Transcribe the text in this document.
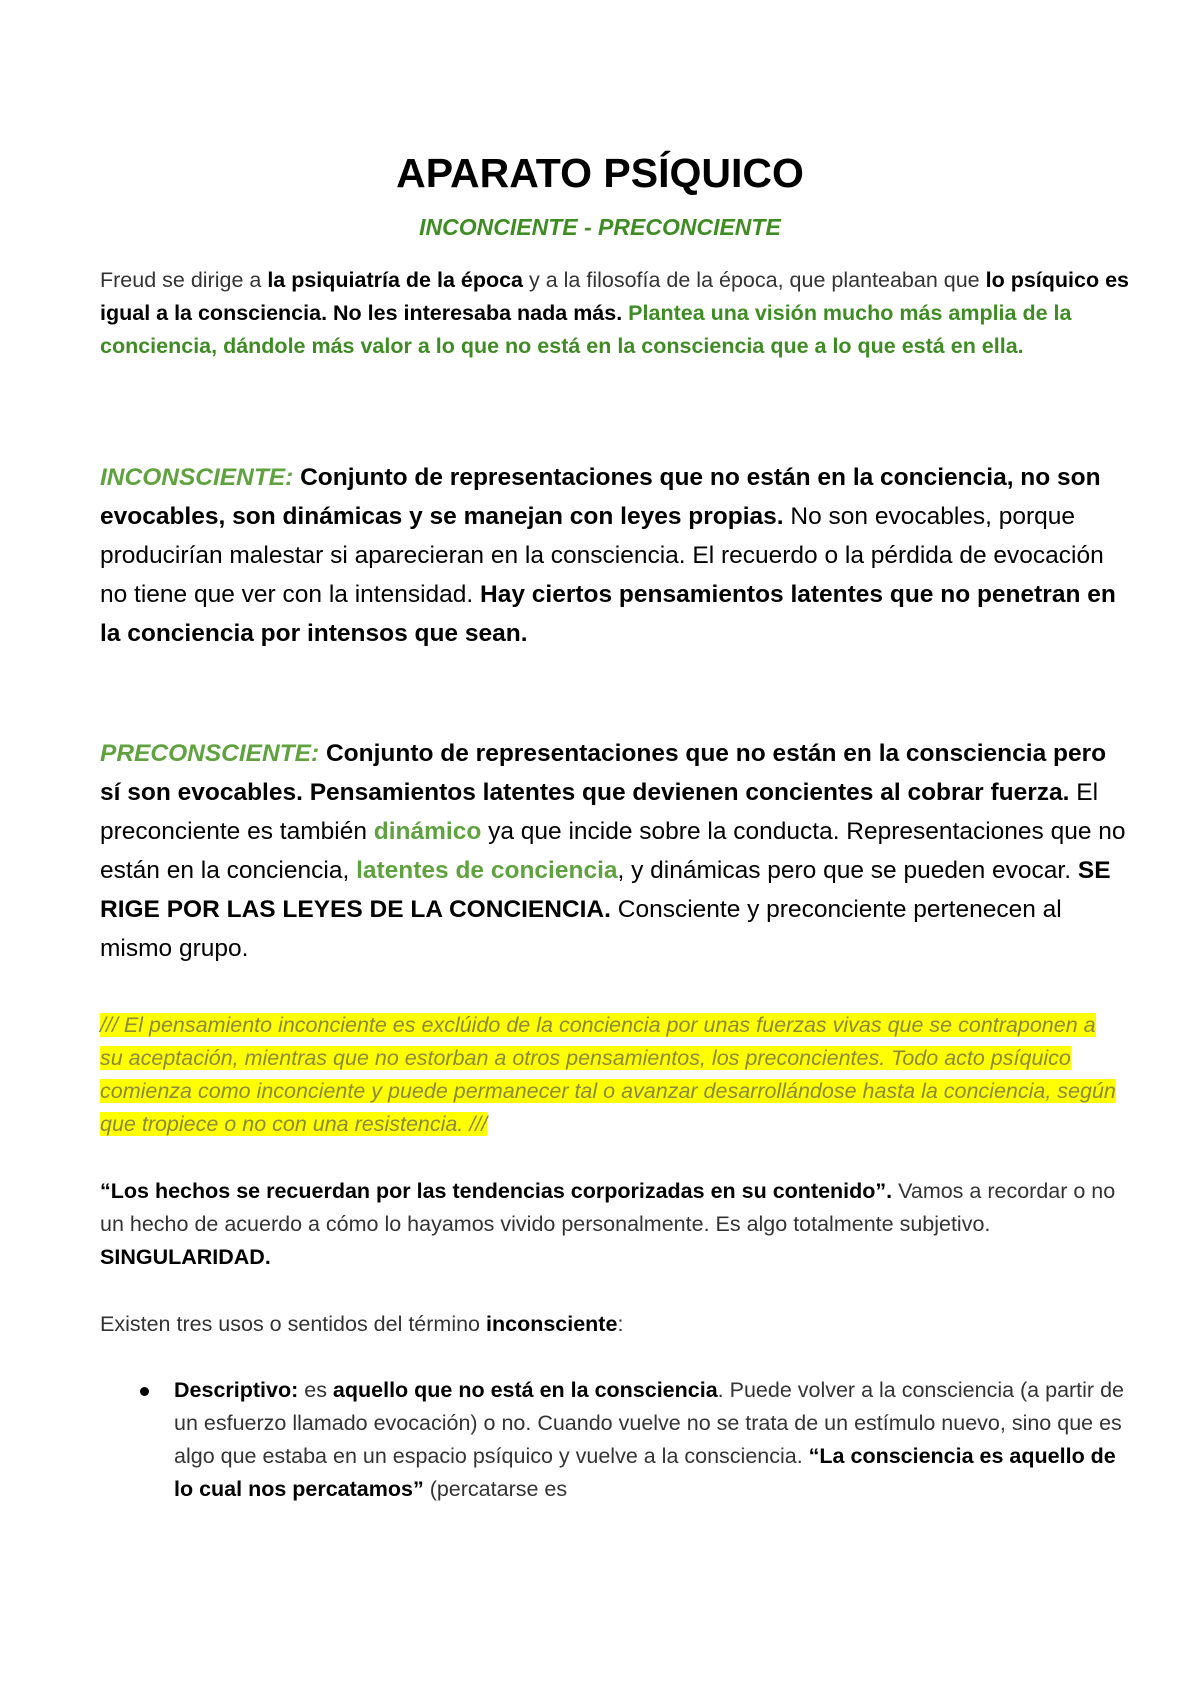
APARATO PSÍQUICO
INCONCIENTE - PRECONCIENTE
Freud se dirige a la psiquiatría de la época y a la filosofía de la época, que planteaban que lo psíquico es igual a la consciencia. No les interesaba nada más. Plantea una visión mucho más amplia de la conciencia, dándole más valor a lo que no está en la consciencia que a lo que está en ella.
INCONSCIENTE: Conjunto de representaciones que no están en la conciencia, no son evocables, son dinámicas y se manejan con leyes propias. No son evocables, porque producirían malestar si aparecieran en la consciencia. El recuerdo o la pérdida de evocación no tiene que ver con la intensidad. Hay ciertos pensamientos latentes que no penetran en la conciencia por intensos que sean.
PRECONSCIENTE: Conjunto de representaciones que no están en la consciencia pero sí son evocables. Pensamientos latentes que devienen concientes al cobrar fuerza. El preconciente es también dinámico ya que incide sobre la conducta. Representaciones que no están en la conciencia, latentes de conciencia, y dinámicas pero que se pueden evocar. SE RIGE POR LAS LEYES DE LA CONCIENCIA. Consciente y preconciente pertenecen al mismo grupo.
/// El pensamiento inconciente es exclúido de la conciencia por unas fuerzas vivas que se contraponen a su aceptación, mientras que no estorban a otros pensamientos, los preconcientes. Todo acto psíquico comienza como inconciente y puede permanecer tal o avanzar desarrollándose hasta la conciencia, según que tropiece o no con una resistencia. ///
“Los hechos se recuerdan por las tendencias corporizadas en su contenido”. Vamos a recordar o no un hecho de acuerdo a cómo lo hayamos vivido personalmente. Es algo totalmente subjetivo. SINGULARIDAD.
Existen tres usos o sentidos del término inconsciente:
Descriptivo: es aquello que no está en la consciencia. Puede volver a la consciencia (a partir de un esfuerzo llamado evocación) o no. Cuando vuelve no se trata de un estímulo nuevo, sino que es algo que estaba en un espacio psíquico y vuelve a la consciencia. “La consciencia es aquello de lo cual nos percatamos” (percatarse es
